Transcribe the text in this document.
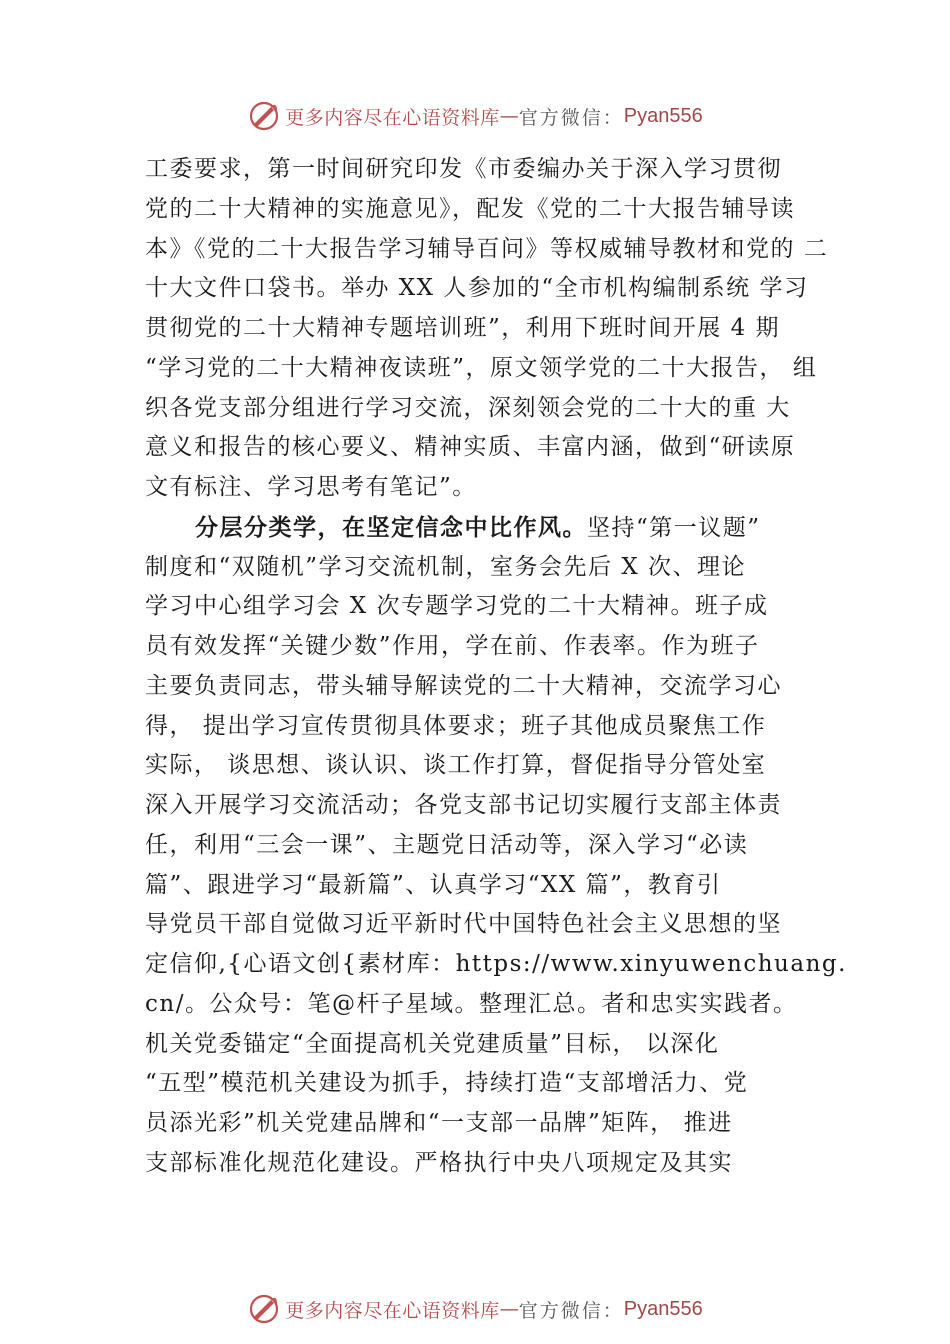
更多内容尽在心语资料库 — 官方微信： Pyan556
工委要求，第一时间研究印发《市委编办关于深入学习贯彻
党的二十大精神的实施意见》，配发《党的二十大报告辅导读
本》《党的二十大报告学习辅导百问》等权威辅导教材和党的 二
十大文件口袋书。举办 XX 人参加的“全市机构编制系统 学习
贯彻党的二十大精神专题培训班”，利用下班时间开展 4 期
“学习党的二十大精神夜读班”，原文领学党的二十大报告， 组
织各党支部分组进行学习交流，深刻领会党的二十大的重 大
意义和报告的核心要义、精神实质、丰富内涵，做到“研读原
文有标注、学习思考有笔记”。
分层分类学，在坚定信念中比作风。坚持“第一议题”
制度和“双随机”学习交流机制，室务会先后 X 次、理论
学习中心组学习会 X 次专题学习党的二十大精神。班子成
员有效发挥“关键少数”作用，学在前、作表率。作为班子
主要负责同志，带头辅导解读党的二十大精神，交流学习心
得， 提出学习宣传贯彻具体要求；班子其他成员聚焦工作
实际， 谈思想、谈认识、谈工作打算，督促指导分管处室
深入开展学习交流活动；各党支部书记切实履行支部主体责
任，利用“三会一课”、主题党日活动等，深入学习“必读
篇”、跟进学习“最新篇”、认真学习“XX 篇”，教育引
导党员干部自觉做习近平新时代中国特色社会主义思想的坚
定信仰,{心语文创{素材库：https://www.xinyuwenchuang.
cn/。公众号：笔@杆子星域。整理汇总。者和忠实实践者。
机关党委锚定“全面提高机关党建质量”目标， 以深化
“五型”模范机关建设为抓手，持续打造“支部增活力、党
员添光彩”机关党建品牌和“一支部一品牌”矩阵， 推进
支部标准化规范化建设。严格执行中央八项规定及其实
更多内容尽在心语资料库 — 官方微信： Pyan556
